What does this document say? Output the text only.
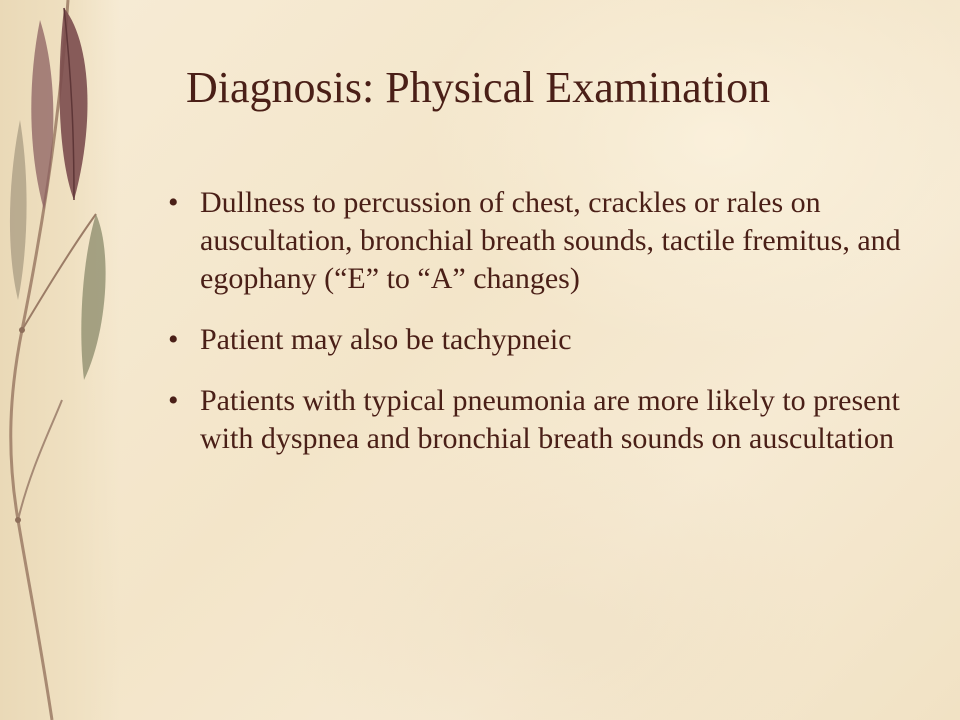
Diagnosis: Physical Examination
• Dullness to percussion of chest, crackles or rales on auscultation, bronchial breath sounds, tactile fremitus, and egophany (“E” to “A” changes)
• Patient may also be tachypneic
• Patients with typical pneumonia are more likely to present with dyspnea and bronchial breath sounds on auscultation
